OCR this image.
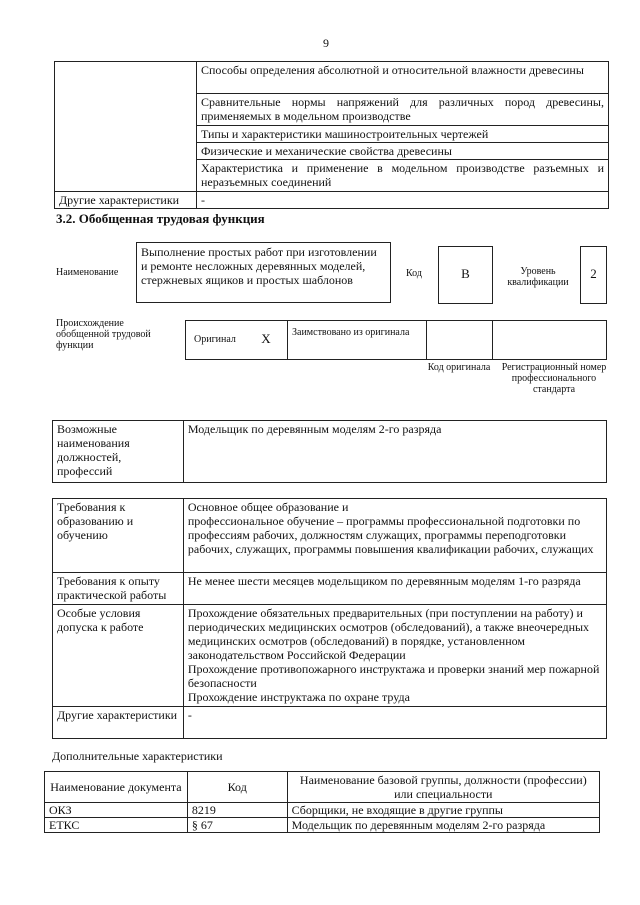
9
	Способы определения абсолютной и относительной влажности древесины
	Сравнительные нормы напряжений для различных пород древесины, применяемых в модельном производстве
	Типы и характеристики машиностроительных чертежей
	Физические и механические свойства древесины
	Характеристика и применение в модельном производстве разъемных и неразъемных соединений
Другие характеристики	-
3.2. Обобщенная трудовая функция
Наименование
Выполнение простых работ при изготовлении и ремонте несложных деревянных моделей, стержневых ящиков и простых шаблонов	Код	В	Уровень квалификации
2
Происхождение обобщенной трудовой функции
Оригинал X	Заимствовано из оригинала
Код оригинала	Регистрационный номер профессионального стандарта
Возможные наименования должностей, профессий	Модельщик по деревянным моделям 2-го разряда
Требования к образованию и обучению	Основное общее образование и
профессиональное обучение – программы профессиональной подготовки по профессиям рабочих, должностям служащих, программы переподготовки рабочих, служащих, программы повышения квалификации рабочих, служащих

Требования к опыту практической работы	Не менее шести месяцев модельщиком по деревянным моделям 1-го разряда
Особые условия допуска к работе	Прохождение обязательных предварительных (при поступлении на работу) и периодических медицинских осмотров (обследований), а также внеочередных медицинских осмотров (обследований) в порядке, установленном законодательством Российской Федерации
Прохождение противопожарного инструктажа и проверки знаний мер пожарной безопасности
Прохождение инструктажа по охране труда

Другие характеристики	-
Дополнительные характеристики
Наименование документа	Код	Наименование базовой группы, должности (профессии) или специальности
ОКЗ	8219	Сборщики, не входящие в другие группы
ЕТКС	§ 67	Модельщик по деревянным моделям 2-го разряда
